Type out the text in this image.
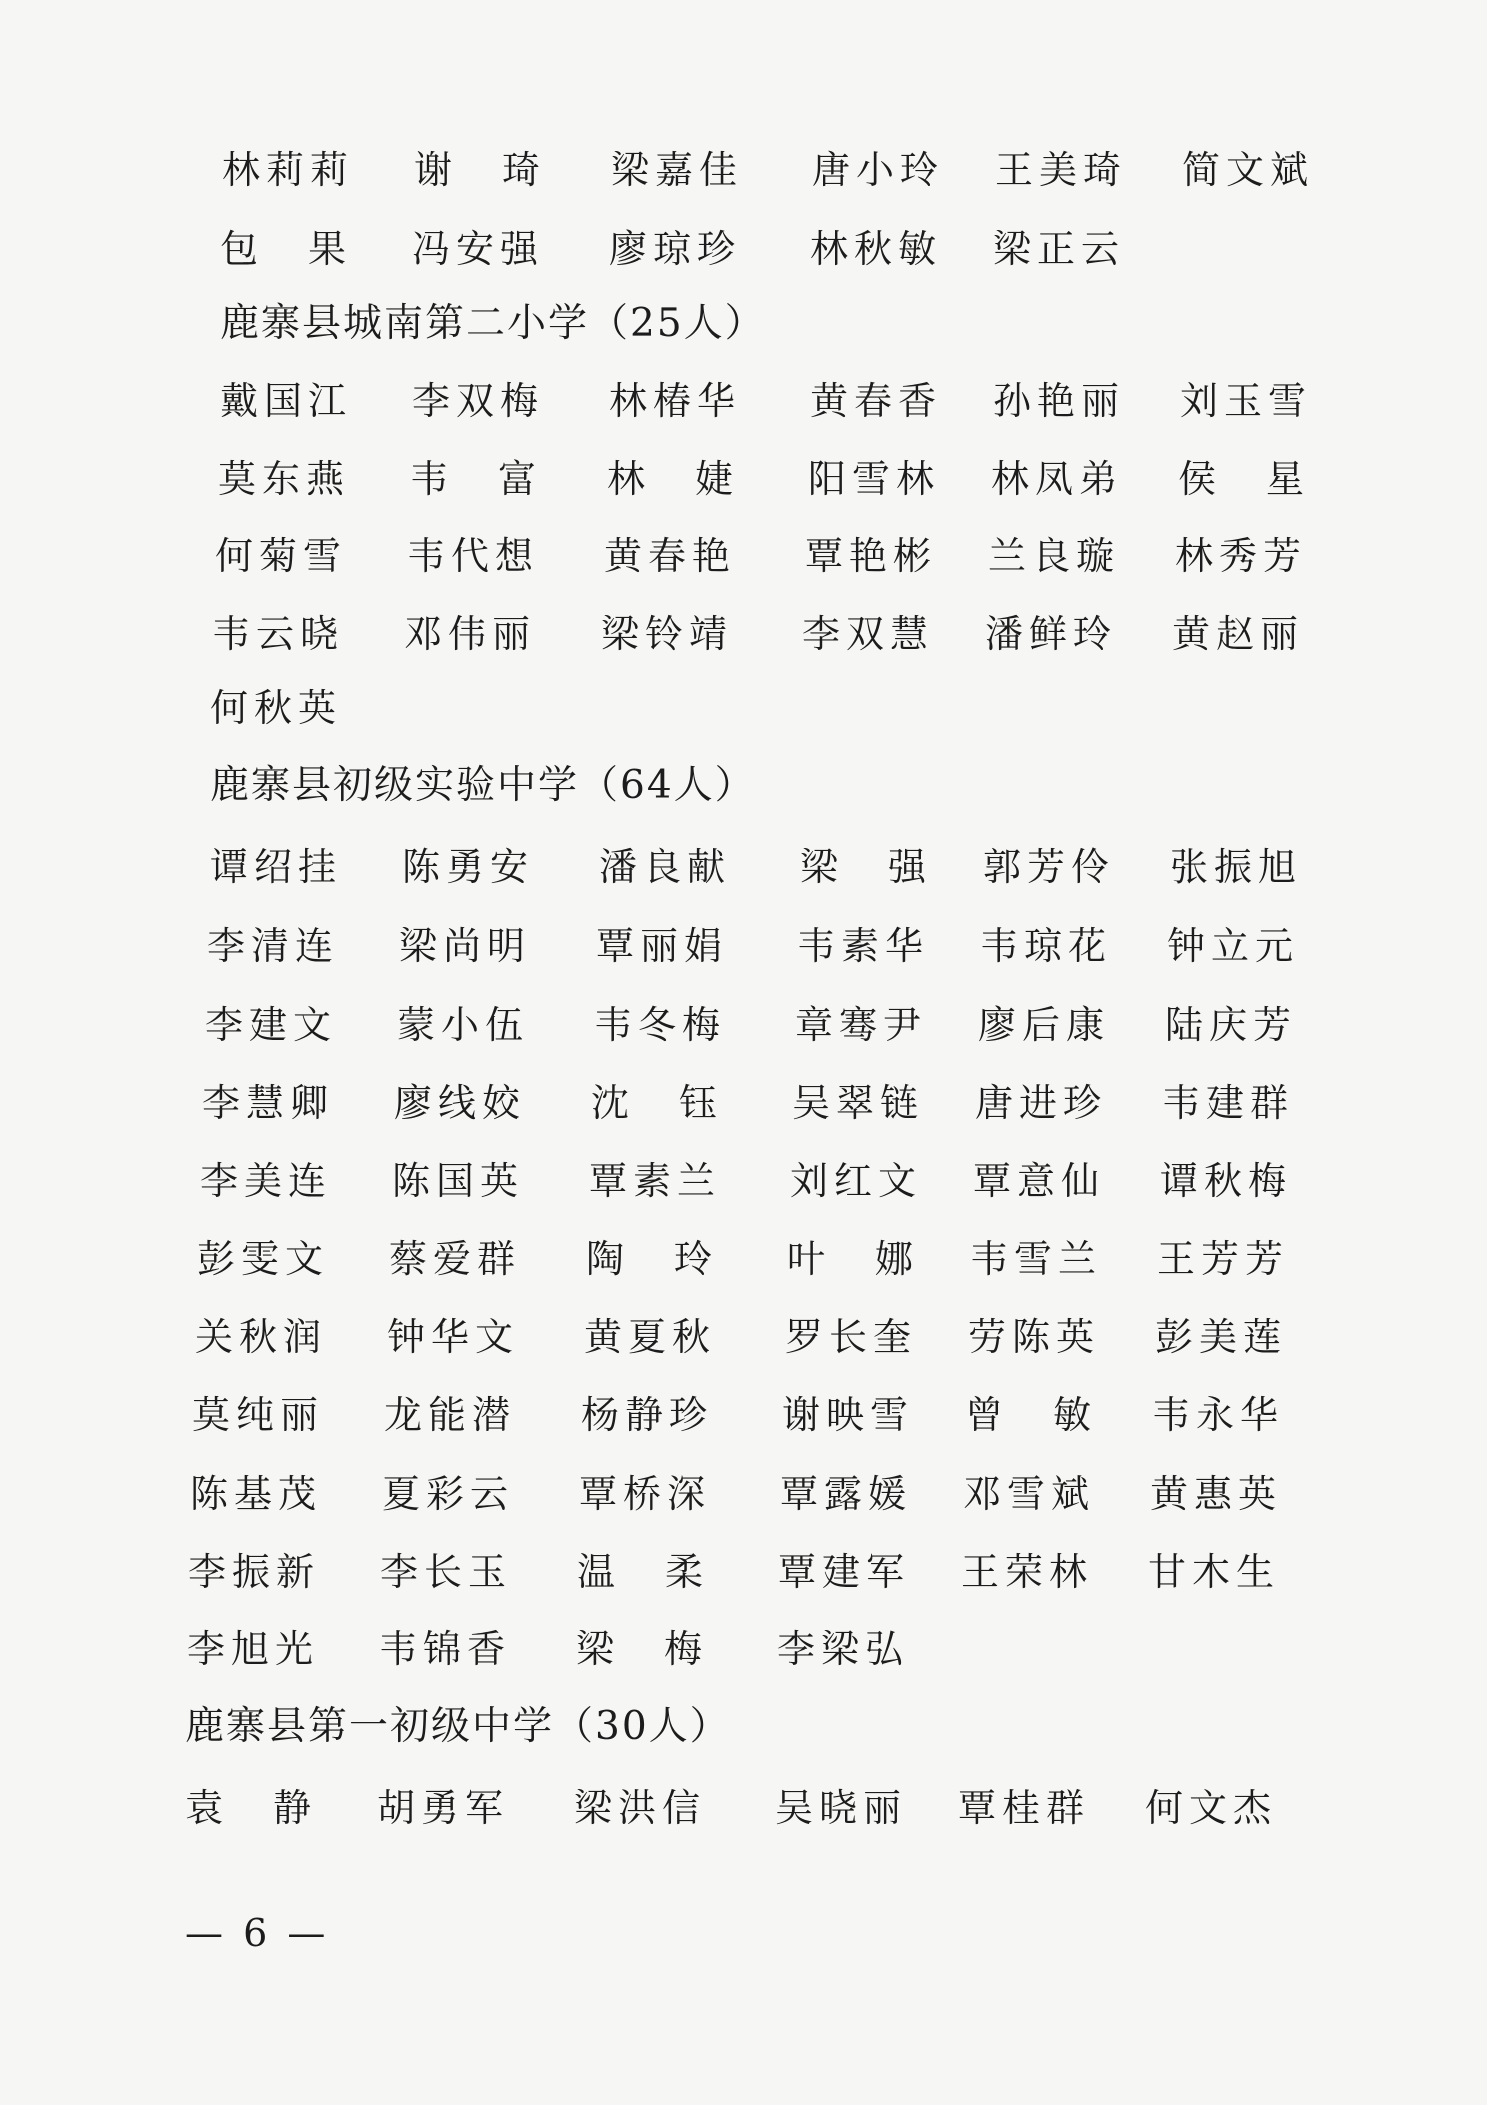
林莉莉 谢　琦 梁嘉佳 唐小玲 王美琦 简文斌
包　果 冯安强 廖琼珍 林秋敏 梁正云
鹿寨县城南第二小学（25人）
戴国江 李双梅 林椿华 黄春香 孙艳丽 刘玉雪
莫东燕 韦　富 林　婕 阳雪林 林凤弟 侯　星
何菊雪 韦代想 黄春艳 覃艳彬 兰良璇 林秀芳
韦云晓 邓伟丽 梁铃靖 李双慧 潘鲜玲 黄赵丽
何秋英
鹿寨县初级实验中学（64人）
谭绍挂 陈勇安 潘良献 梁　强 郭芳伶 张振旭
李清连 梁尚明 覃丽娟 韦素华 韦琼花 钟立元
李建文 蒙小伍 韦冬梅 章骞尹 廖后康 陆庆芳
李慧卿 廖线姣 沈　钰 吴翠链 唐进珍 韦建群
李美连 陈国英 覃素兰 刘红文 覃意仙 谭秋梅
彭雯文 蔡爱群 陶　玲 叶　娜 韦雪兰 王芳芳
关秋润 钟华文 黄夏秋 罗长奎 劳陈英 彭美莲
莫纯丽 龙能潜 杨静珍 谢映雪 曾　敏 韦永华
陈基茂 夏彩云 覃桥深 覃露媛 邓雪斌 黄惠英
李振新 李长玉 温　柔 覃建军 王荣林 甘木生
李旭光 韦锦香 梁　梅 李梁弘
鹿寨县第一初级中学（30人）
袁　静 胡勇军 梁洪信 吴晓丽 覃桂群 何文杰
— 6 —
